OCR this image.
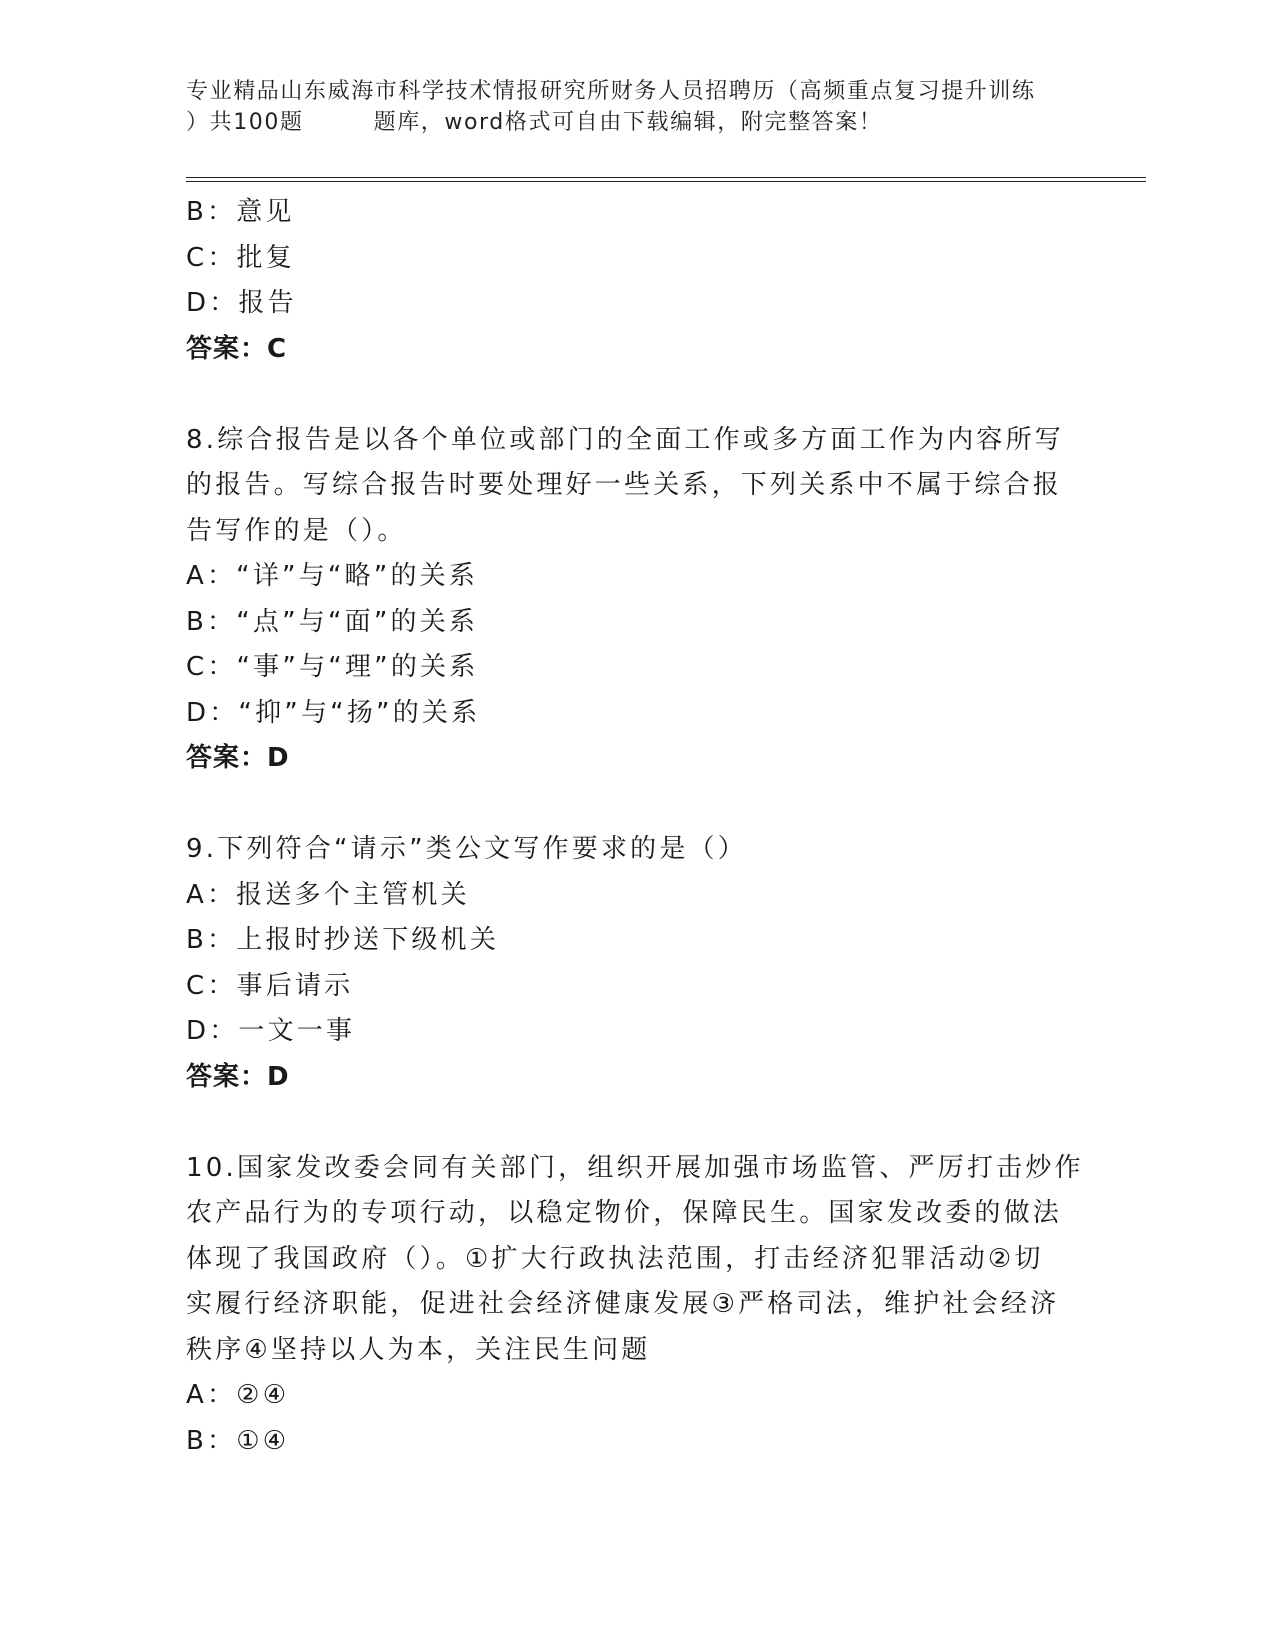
专业精品山东威海市科学技术情报研究所财务人员招聘历（高频重点复习提升训练
）共100题	题库，word格式可自由下载编辑，附完整答案！
B：意见
C：批复
D：报告
答案：C
8.综合报告是以各个单位或部门的全面工作或多方面工作为内容所写
的报告。写综合报告时要处理好一些关系，下列关系中不属于综合报
告写作的是（）。
A：“详”与“略”的关系
B：“点”与“面”的关系
C：“事”与“理”的关系
D：“抑”与“扬”的关系
答案：D
9.下列符合“请示”类公文写作要求的是（）
A：报送多个主管机关
B：上报时抄送下级机关
C：事后请示
D：一文一事
答案：D
10.国家发改委会同有关部门，组织开展加强市场监管、严厉打击炒作
农产品行为的专项行动，以稳定物价，保障民生。国家发改委的做法
体现了我国政府（）。①扩大行政执法范围，打击经济犯罪活动②切
实履行经济职能，促进社会经济健康发展③严格司法，维护社会经济
秩序④坚持以人为本，关注民生问题
A：②④
B：①④
